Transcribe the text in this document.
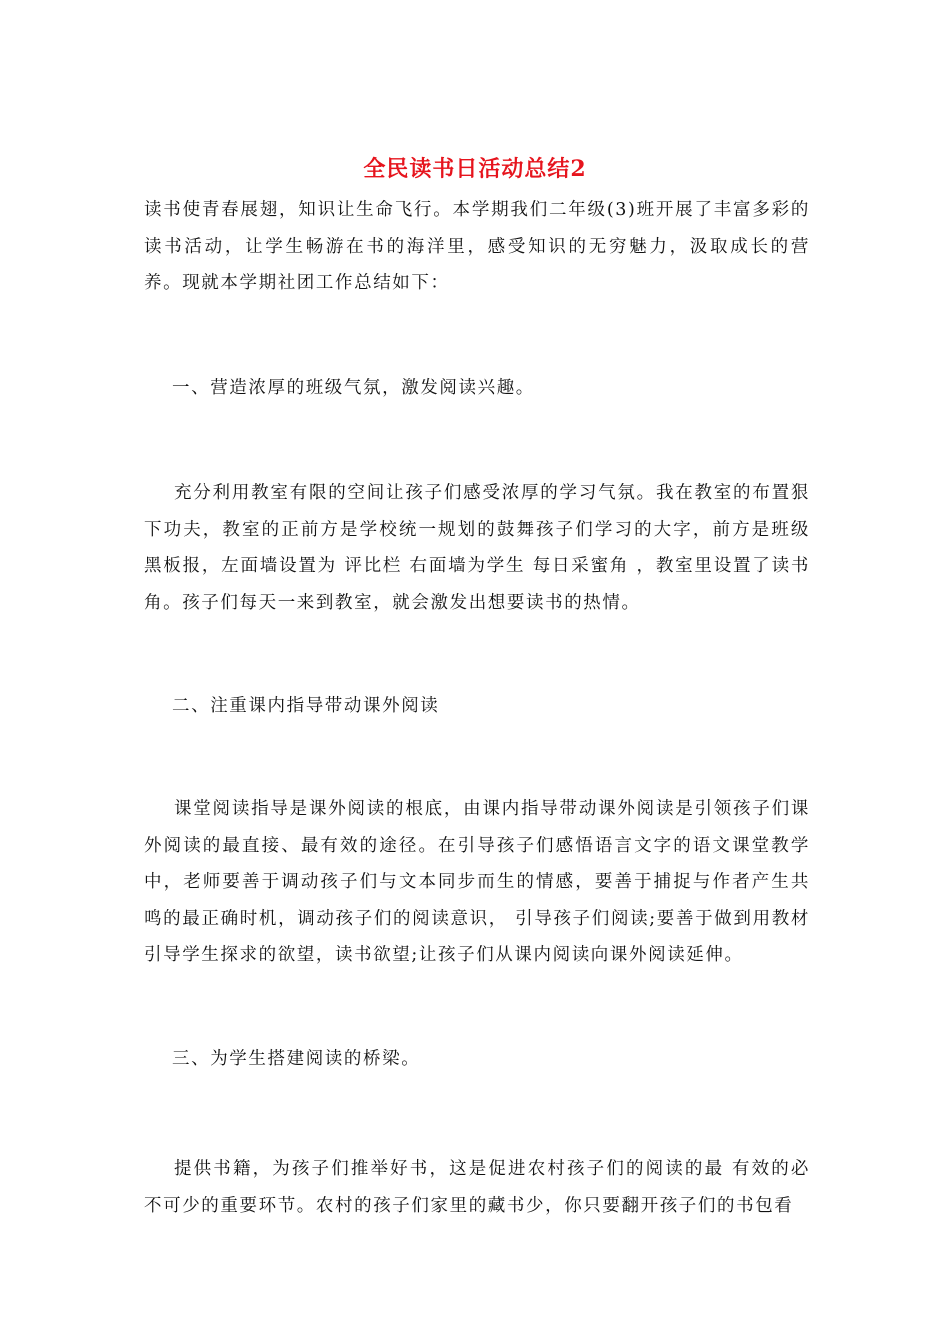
全民读书日活动总结2

读书使青春展翅，知识让生命飞行。本学期我们二年级(3)班开展了丰富多彩的读书活动，让学生畅游在书的海洋里，感受知识的无穷魅力，汲取成长的营养。现就本学期社团工作总结如下：

一、营造浓厚的班级气氛，激发阅读兴趣。

充分利用教室有限的空间让孩子们感受浓厚的学习气氛。我在教室的布置狠下功夫，教室的正前方是学校统一规划的鼓舞孩子们学习的大字，前方是班级黑板报，左面墙设置为 评比栏 右面墙为学生 每日采蜜角 ，教室里设置了读书角。孩子们每天一来到教室，就会激发出想要读书的热情。

二、注重课内指导带动课外阅读

课堂阅读指导是课外阅读的根底，由课内指导带动课外阅读是引领孩子们课外阅读的最直接、最有效的途径。在引导孩子们感悟语言文字的语文课堂教学中，老师要善于调动孩子们与文本同步而生的情感，要善于捕捉与作者产生共鸣的最正确时机，调动孩子们的阅读意识， 引导孩子们阅读;要善于做到用教材引导学生探求的欲望，读书欲望;让孩子们从课内阅读向课外阅读延伸。

三、为学生搭建阅读的桥梁。

提供书籍，为孩子们推举好书，这是促进农村孩子们的阅读的最 有效的必不可少的重要环节。农村的孩子们家里的藏书少，你只要翻开孩子们的书包看
